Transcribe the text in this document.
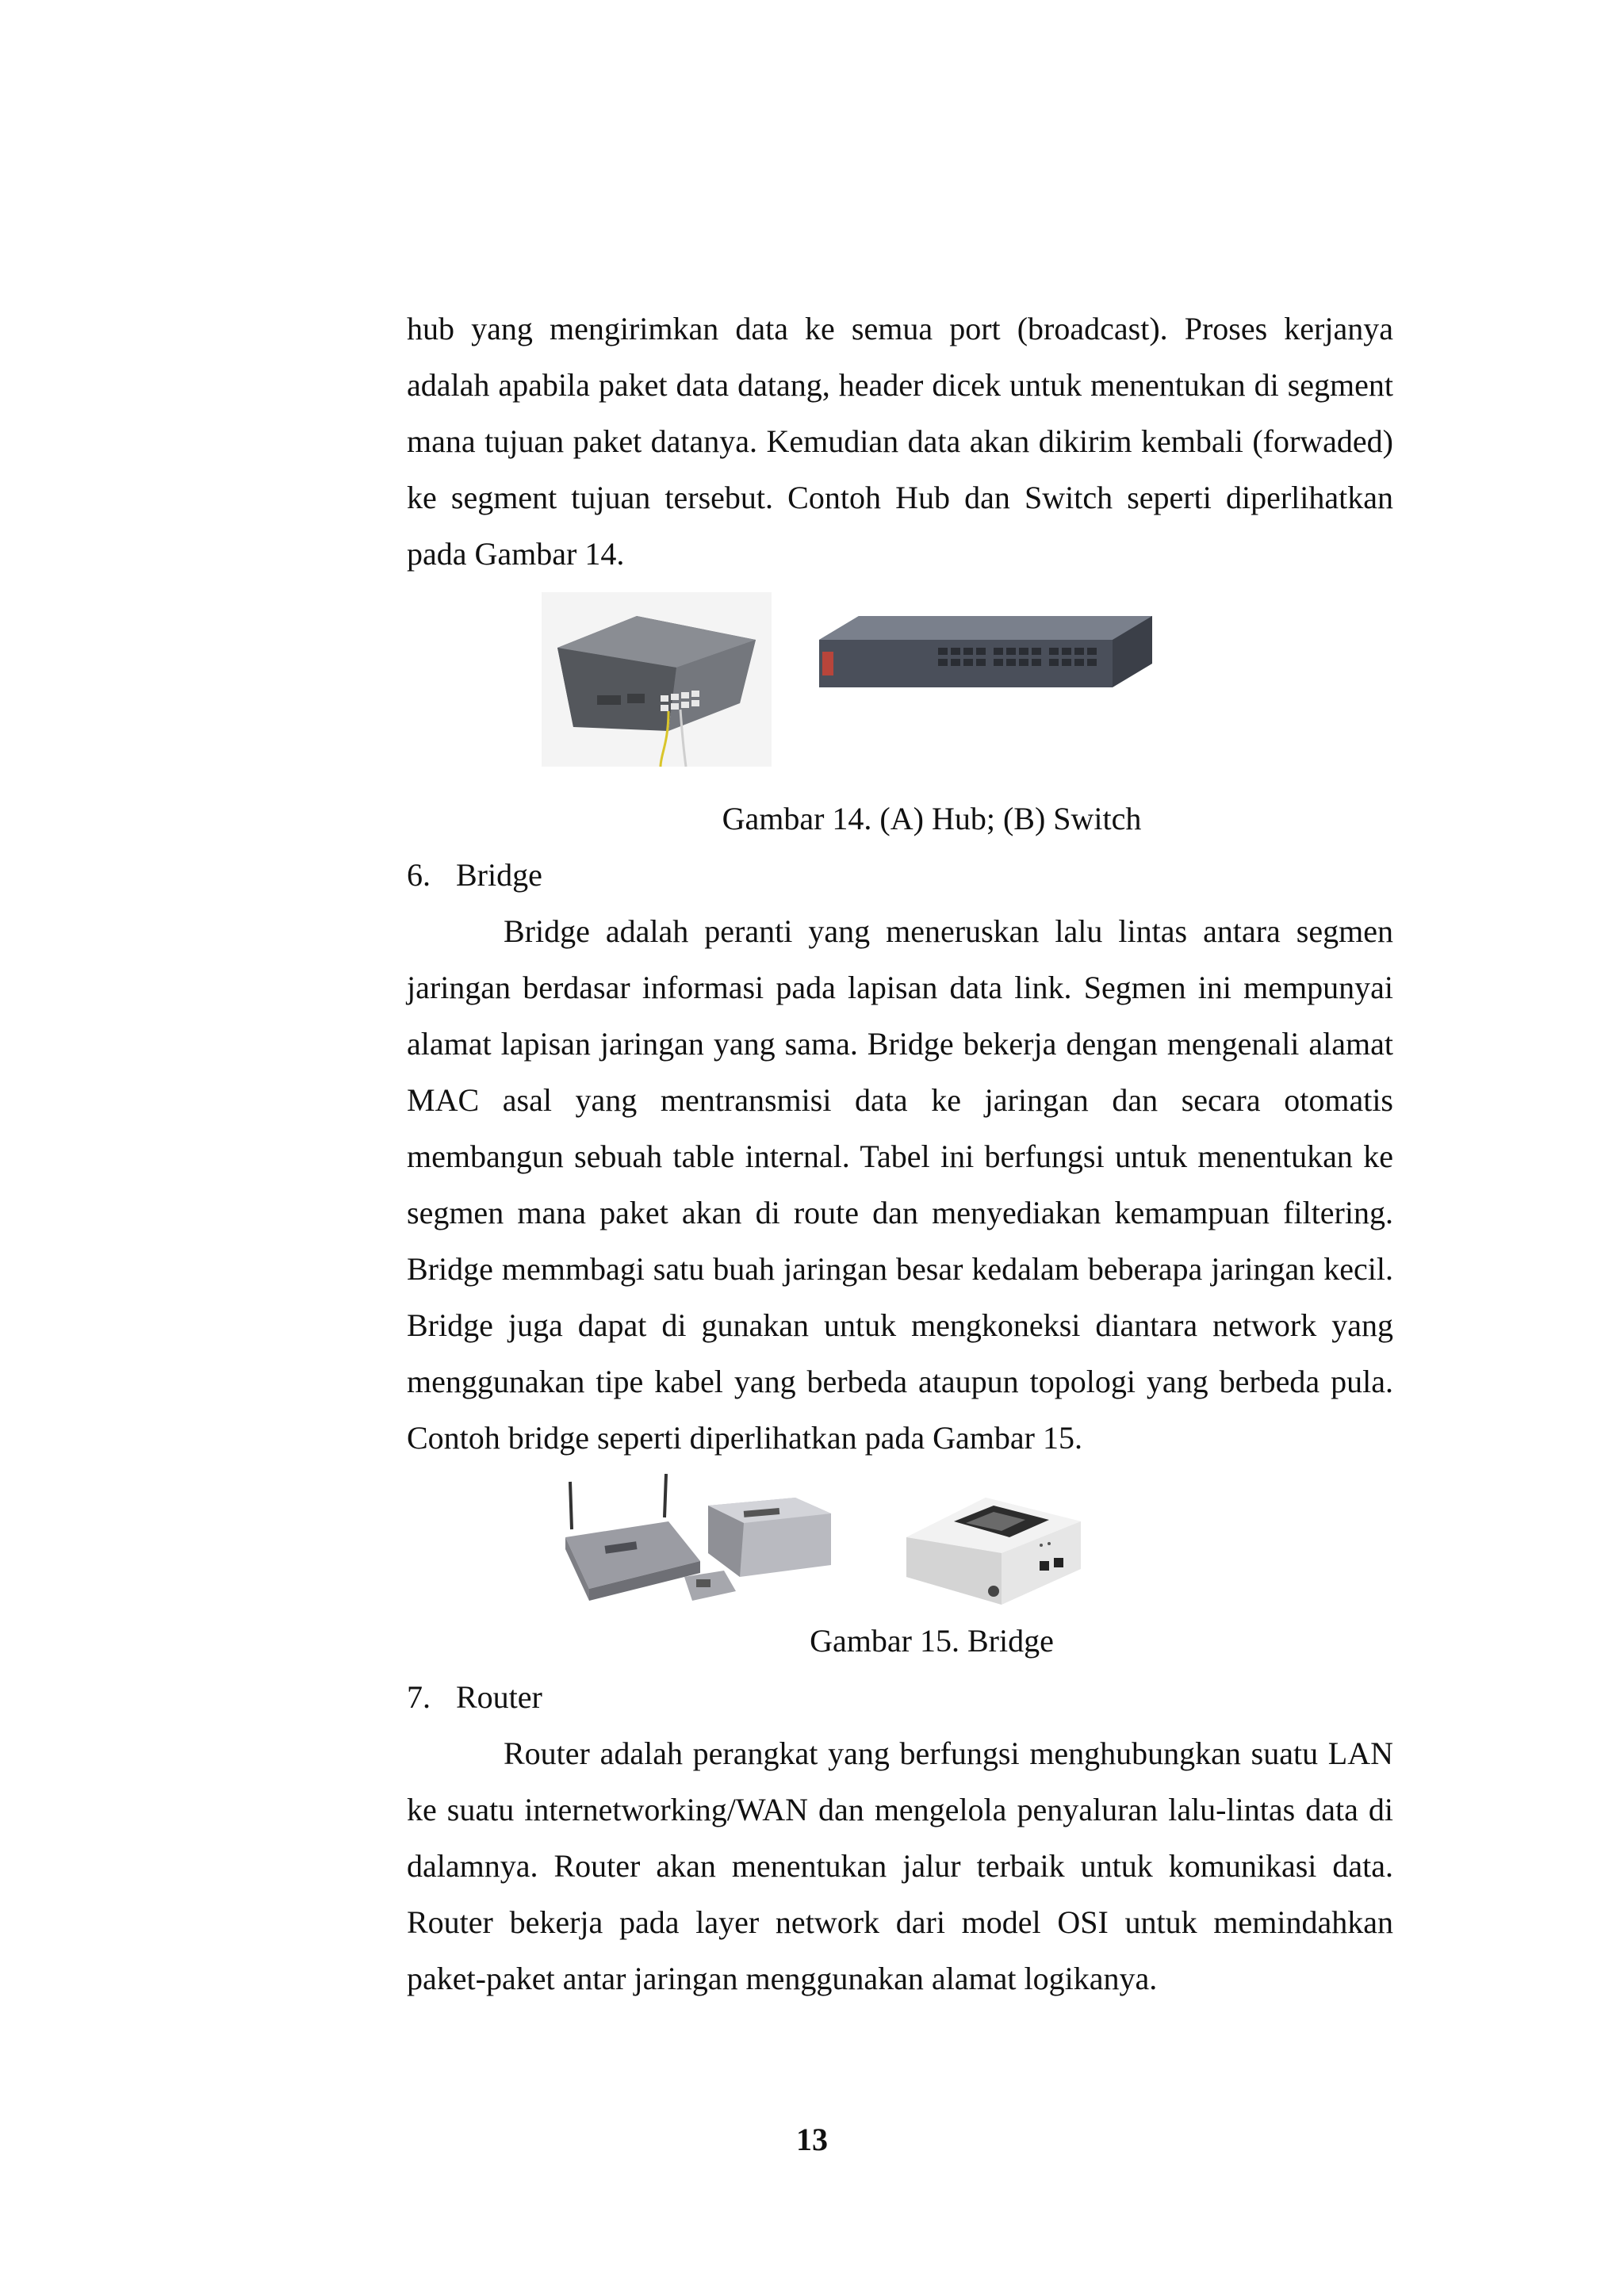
hub yang mengirimkan data ke semua port (broadcast). Proses kerjanya adalah apabila paket data datang, header dicek untuk menentukan di segment mana tujuan paket datanya. Kemudian data akan dikirim kembali (forwaded) ke segment tujuan tersebut. Contoh Hub dan Switch seperti diperlihatkan pada Gambar 14.

Gambar 14. (A) Hub; (B) Switch

6. Bridge

Bridge adalah peranti yang meneruskan lalu lintas antara segmen jaringan berdasar informasi pada lapisan data link. Segmen ini mempunyai alamat lapisan jaringan yang sama. Bridge bekerja dengan mengenali alamat MAC asal yang mentransmisi data ke jaringan dan secara otomatis membangun sebuah table internal. Tabel ini berfungsi untuk menentukan ke segmen mana paket akan di route dan menyediakan kemampuan filtering. Bridge memmbagi satu buah jaringan besar kedalam beberapa jaringan kecil. Bridge juga dapat di gunakan untuk mengkoneksi diantara network yang menggunakan tipe kabel yang berbeda ataupun topologi yang berbeda pula. Contoh bridge seperti diperlihatkan pada Gambar 15.

Gambar 15. Bridge

7. Router

Router adalah perangkat yang berfungsi menghubungkan suatu LAN ke suatu internetworking/WAN dan mengelola penyaluran lalu-lintas data di dalamnya. Router akan menentukan jalur terbaik untuk komunikasi data. Router bekerja pada layer network dari model OSI untuk memindahkan paket-paket antar jaringan menggunakan alamat logikanya.

13
